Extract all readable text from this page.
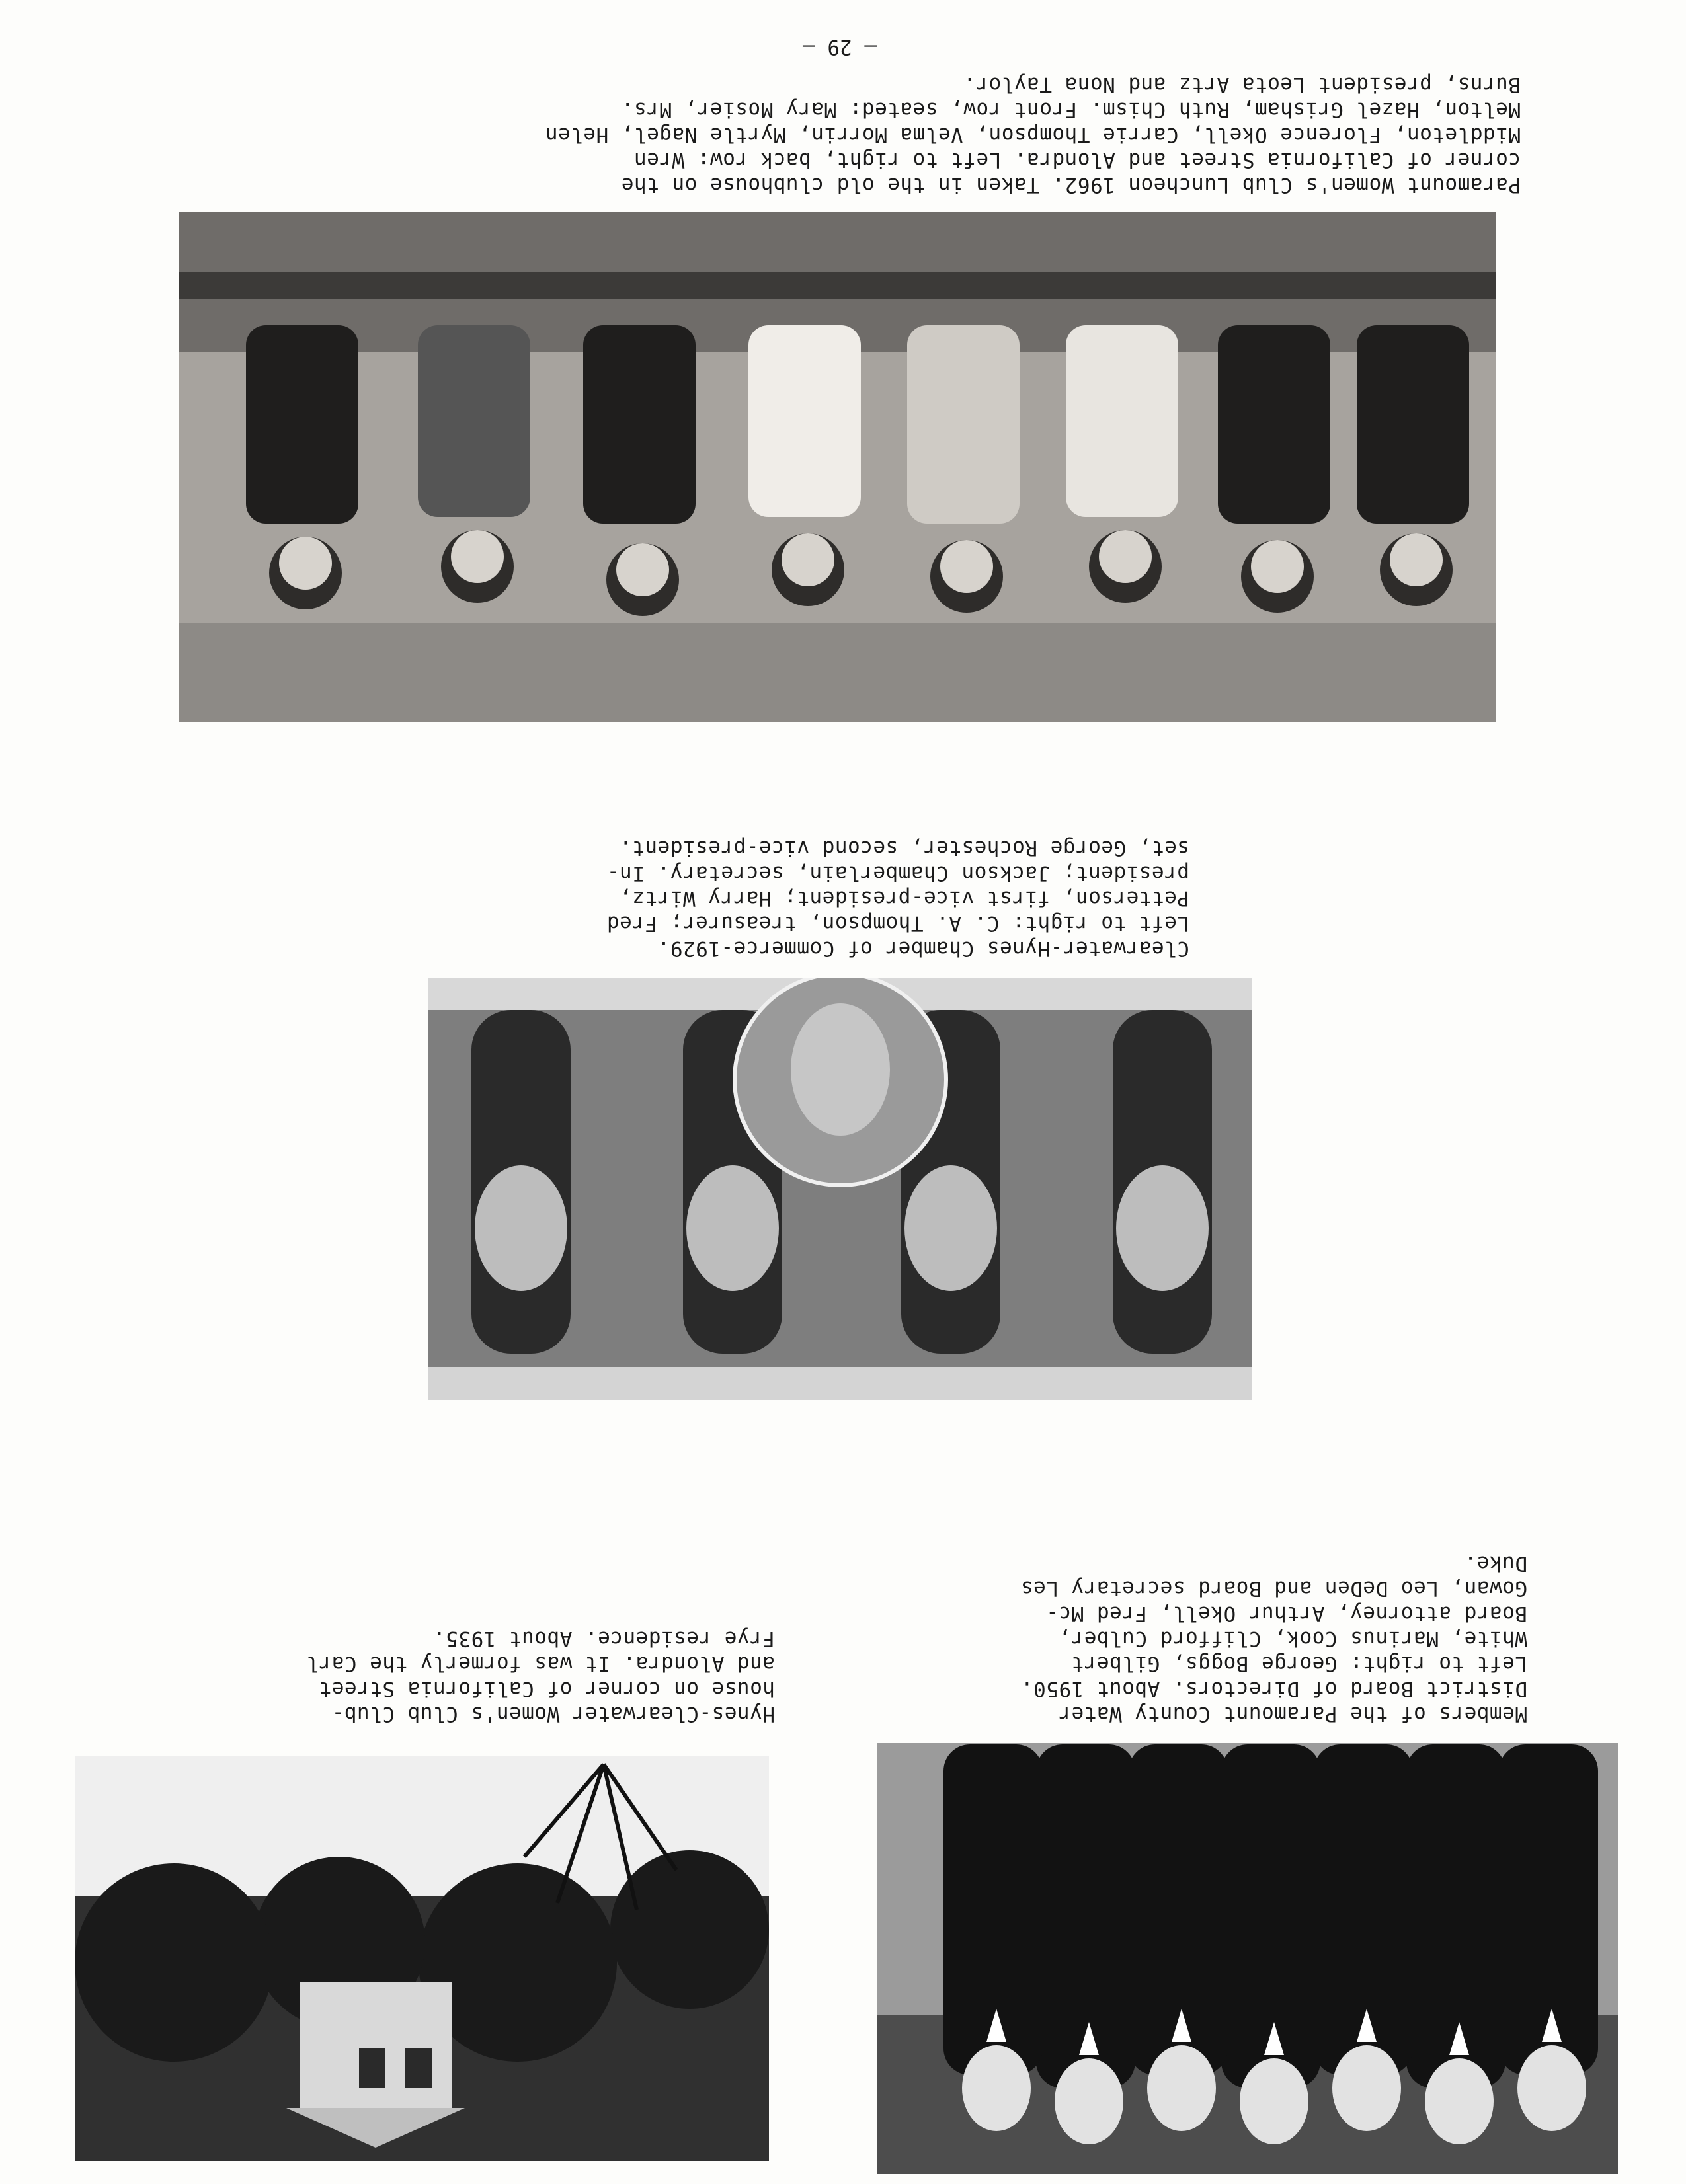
— 29 —

Paramount Women's Club Luncheon 1962. Taken in the old clubhouse on the
corner of California Street and Alondra. Left to right, back row: Wren
Middleton, Florence Okell, Carrie Thompson, Velma Morrin, Myrtle Nagel, Helen
Melton, Hazel Grisham, Ruth Chism. Front row, seated: Mary Mosier, Mrs.
Burns, president Leota Artz and Nona Taylor.

Clearwater-Hynes Chamber of Commerce-1929.
Left to right: C. A. Thompson, treasurer; Fred
Petterson, first vice-president; Harry Wirtz,
president; Jackson Chamberlain, secretary. In-
set, George Rochester, second vice-president.

Members of the Paramount County Water
District Board of Directors. About 1950.
Left to right: George Boggs, Gilbert
White, Marinus Cook, Clifford Culber,
Board attorney, Arthur Okell, Fred Mc-
Gowan, Leo DeDen and Board secretary Les
Duke.

Hynes-Clearwater Women's Club Club-
house on corner of California Street
and Alondra. It was formerly the Carl
Frye residence. About 1935.
